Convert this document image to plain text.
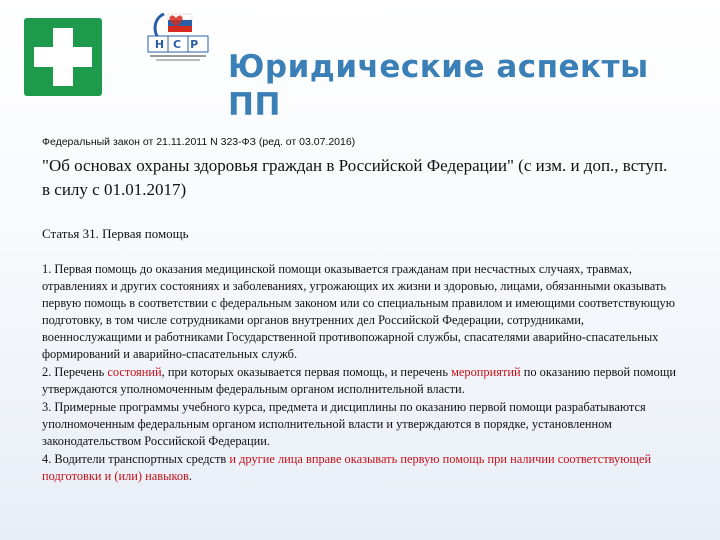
НСР
Юридические аспекты ПП
Федеральный закон от 21.11.2011 N 323-ФЗ (ред. от 03.07.2016)
"Об основах охраны здоровья граждан в Российской Федерации" (с изм. и доп., вступ. в силу с 01.01.2017)
Статья 31. Первая помощь

1. Первая помощь до оказания медицинской помощи оказывается гражданам при несчастных случаях, травмах, отравлениях и других состояниях и заболеваниях, угрожающих их жизни и здоровью, лицами, обязанными оказывать первую помощь в соответствии с федеральным законом или со специальным правилом и имеющими соответствующую подготовку, в том числе сотрудниками органов внутренних дел Российской Федерации, сотрудниками, военнослужащими и работниками Государственной противопожарной службы, спасателями аварийно-спасательных формирований и аварийно-спасательных служб.

2. Перечень состояний, при которых оказывается первая помощь, и перечень мероприятий по оказанию первой помощи утверждаются уполномоченным федеральным органом исполнительной власти.

3. Примерные программы учебного курса, предмета и дисциплины по оказанию первой помощи разрабатываются уполномоченным федеральным органом исполнительной власти и утверждаются в порядке, установленном законодательством Российской Федерации.

4. Водители транспортных средств и другие лица вправе оказывать первую помощь при наличии соответствующей подготовки и (или) навыков.
